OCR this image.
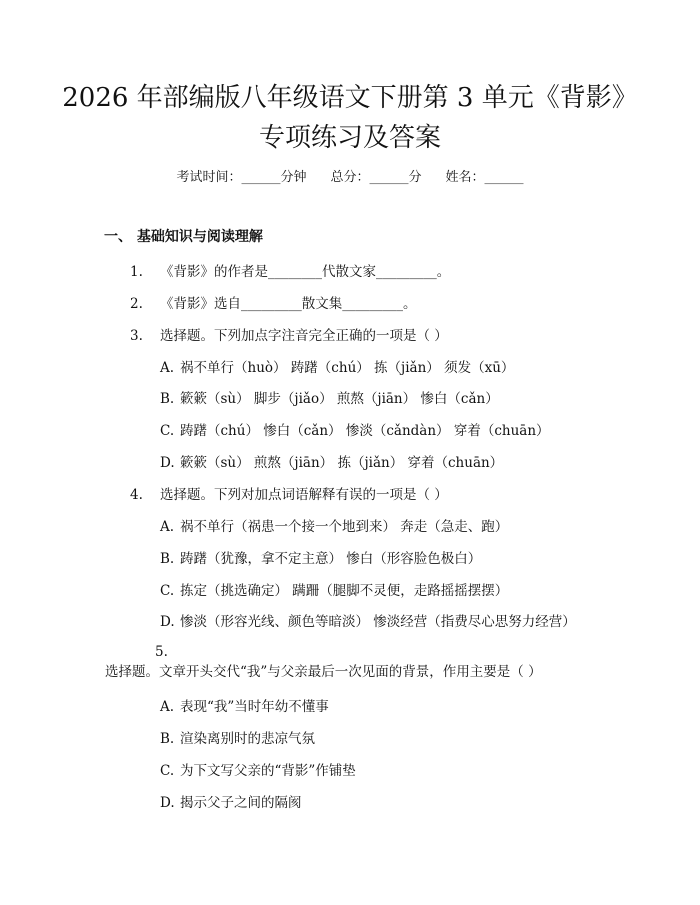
2026 年部编版八年级语文下册第 3 单元《背影》专项练习及答案
考试时间：______分钟 总分：______分 姓名：______
一、 基础知识与阅读理解
1. 《背影》的作者是________代散文家_________。
2. 《背影》选自_________散文集_________。
3. 选择题。下列加点字注音完全正确的一项是（ ）
A. 祸不单行（huò） 踌躇（chú） 拣（jiǎn） 须发（xū）
B. 簌簌（sù） 脚步（jiǎo） 煎熬（jiān） 惨白（cǎn）
C. 踌躇（chú） 惨白（cǎn） 惨淡（cǎndàn） 穿着（chuān）
D. 簌簌（sù） 煎熬（jiān） 拣（jiǎn） 穿着（chuān）
4. 选择题。下列对加点词语解释有误的一项是（ ）
A. 祸不单行（祸患一个接一个地到来） 奔走（急走、跑）
B. 踌躇（犹豫，拿不定主意） 惨白（形容脸色极白）
C. 拣定（挑选确定） 蹒跚（腿脚不灵便，走路摇摇摆摆）
D. 惨淡（形容光线、颜色等暗淡） 惨淡经营（指费尽心思努力经营）
5.选择题。文章开头交代“我”与父亲最后一次见面的背景，作用主要是（ ）
A. 表现“我”当时年幼不懂事
B. 渲染离别时的悲凉气氛
C. 为下文写父亲的“背影”作铺垫
D. 揭示父子之间的隔阂
